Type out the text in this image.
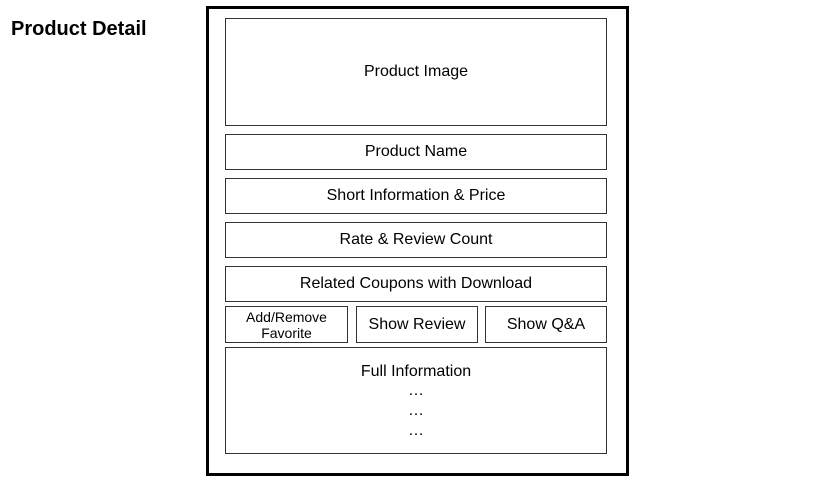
Product Detail
Product Image
Product Name
Short Information & Price
Rate & Review Count
Related Coupons with Download
Add/Remove
Favorite	Show Review	Show Q&A
Full Information
…
…
…
